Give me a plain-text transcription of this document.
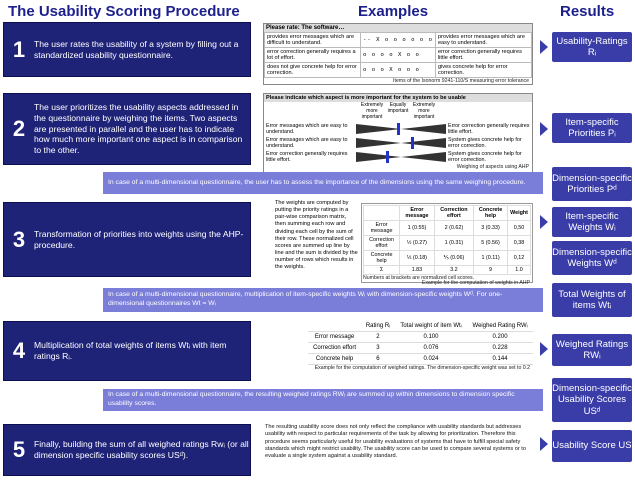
The Usability Scoring Procedure	Examples	Results
1	The user rates the usability of a system by filling out a standardized usability questionnaire.
Please rate: The software…
provides error messages which are difficult to understand.	-- X o o o o o o	provides error messages which are easy to understand.
error correction generally requires a lot of effort.	o o o o X o o	error correction generally requires little effort.
does not give concrete help for error correction.	o o o X o o o	gives concrete help for error correction.
Items of the Isonorm 9241-110/S measuring error tolerance
Usability-Ratings Rᵢ
2
The user prioritizes the usability aspects addressed in the questionnaire by weighing the items. Two aspects are presented in parallel and the user has to indicate how much more important one aspect is in comparison to the other.
Please indicate which aspect is more important for the system to be usable
Extremely more important
Equally important
Extremely more important
Error messages which are easy to understand.
Error correction generally requires little effort.
Error messages which are easy to understand.
System gives concrete help for error correction.
Error correction generally requires little effort.
System gives concrete help for error correction.
Weighing of aspects using AHP
Item-specific Priorities Pᵢ
In case of a multi-dimensional questionnaire, the user has to assess the importance of the dimensions using the same weighing procedure.	Dimension-specific Priorities Pᵈ
3	Transformation of priorities into weights using the AHP-procedure.
The weights are computed by putting the priority ratings in a pair-wise comparison matrix, then summing each row and dividing each cell by the sum of their row. These normalized cell scores are summed up line by line and the sum is divided by the number of rows which results in the weights.
	Error message	Correction effort	Concrete help	Weight
Error message	1 (0.55)	2 (0.62)	3 (0.33)	0,50
Correction effort	½ (0.27)	1 (0.31)	5 (0.56)	0,38
Concrete help	⅓ (0.18)	⅕ (0.06)	1 (0.11)	0,12
Σ	1.83	3.2	9	1.0
Numbers at brackets are normalized cell scores.
Example for the computation of weights in AHP
Item-specific Weights Wᵢ
Dimension-specific Weights Wᵈ
In case of a multi-dimensional questionnaire, multiplication of item-specific weights Wᵢ with dimension-specific weights Wᵈ. For one-dimensional questionnaires Wt = Wᵢ
Total Weights of items Wtᵢ
4	Multiplication of total weights of items Wtᵢ with item ratings Rᵢ.
	Rating Rᵢ	Total weight of item Wtᵢ	Weighed Rating RWᵢ
Error message	2	0.100	0.200
Correction effort	3	0.076	0.228
Concrete help	6	0.024	0.144
Example for the computation of weighed ratings. The dimension-specific weight was set to 0.2
Weighed Ratings RWᵢ
In case of a multi-dimensional questionnaire, the resulting weighed ratings RWᵢ are summed up within dimensions to dimension specific usability scores.
Dimension-specific Usability Scores USᵈ
5	Finally, building the sum of all weighed ratings Rwᵢ (or all dimension specific usability scores USᵈ).
The resulting usability score does not only reflect the compliance with usability standards but addresses usability with respect to particular requirements of the task by allowing for prioritization. Therefore this procedure seems particularly useful for usability evaluations of systems that have to fulfill special safety standards which might restrict usability. The usability score can be used to compare several systems or to evaluate a single system against a usability standard.
Usability Score US
